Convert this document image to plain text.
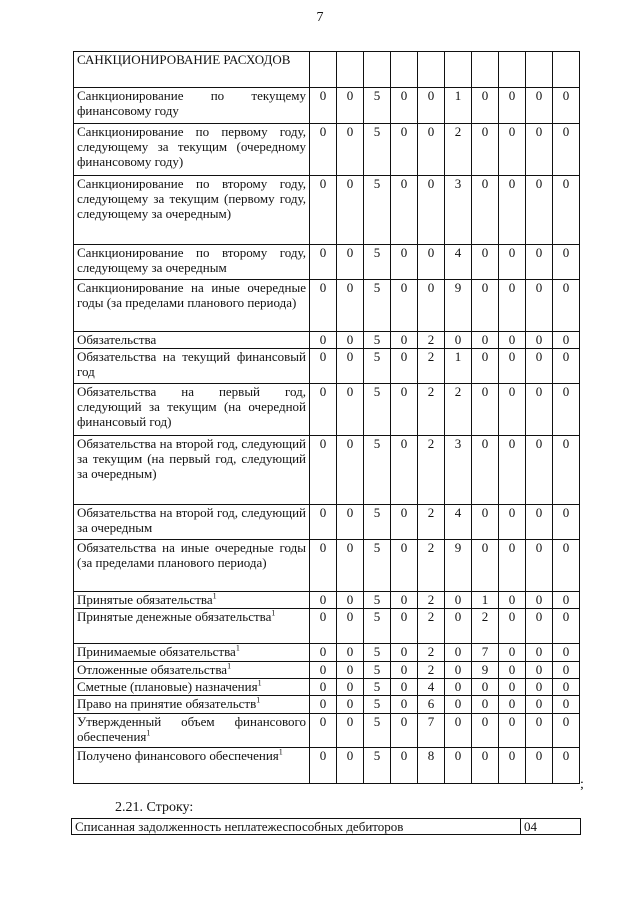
7
САНКЦИОНИРОВАНИЕ РАСХОДОВ										
Санкционирование по текущему финансовому году	0	0	5	0	0	1	0	0	0	0
Санкционирование по первому году, следующему за текущим (очередному финансовому году)	0	0	5	0	0	2	0	0	0	0
Санкционирование по второму году, следующему за текущим (первому году, следующему за очередным)	0	0	5	0	0	3	0	0	0	0
Санкционирование по второму году, следующему за очередным	0	0	5	0	0	4	0	0	0	0
Санкционирование на иные очередные годы (за пределами планового периода)	0	0	5	0	0	9	0	0	0	0
Обязательства	0	0	5	0	2	0	0	0	0	0
Обязательства на текущий финансовый год	0	0	5	0	2	1	0	0	0	0
Обязательства на первый год, следующий за текущим (на очередной финансовый год)	0	0	5	0	2	2	0	0	0	0
Обязательства на второй год, следующий за текущим (на первый год, следующий за очередным)	0	0	5	0	2	3	0	0	0	0
Обязательства на второй год, следующий за очередным	0	0	5	0	2	4	0	0	0	0
Обязательства на иные очередные годы (за пределами планового периода)	0	0	5	0	2	9	0	0	0	0
Принятые обязательства$^1$	0	0	5	0	2	0	1	0	0	0
Принятые денежные обязательства$^1$	0	0	5	0	2	0	2	0	0	0
Принимаемые обязательства$^1$	0	0	5	0	2	0	7	0	0	0
Отложенные обязательства$^1$	0	0	5	0	2	0	9	0	0	0
Сметные (плановые) назначения$^1$	0	0	5	0	4	0	0	0	0	0
Право на принятие обязательств$^1$	0	0	5	0	6	0	0	0	0	0
Утвержденный объем финансового обеспечения$^1$	0	0	5	0	7	0	0	0	0	0
Получено финансового обеспечения$^1$	0	0	5	0	8	0	0	0	0	0
;
2.21. Строку:
Списанная задолженность неплатежеспособных дебиторов	04
